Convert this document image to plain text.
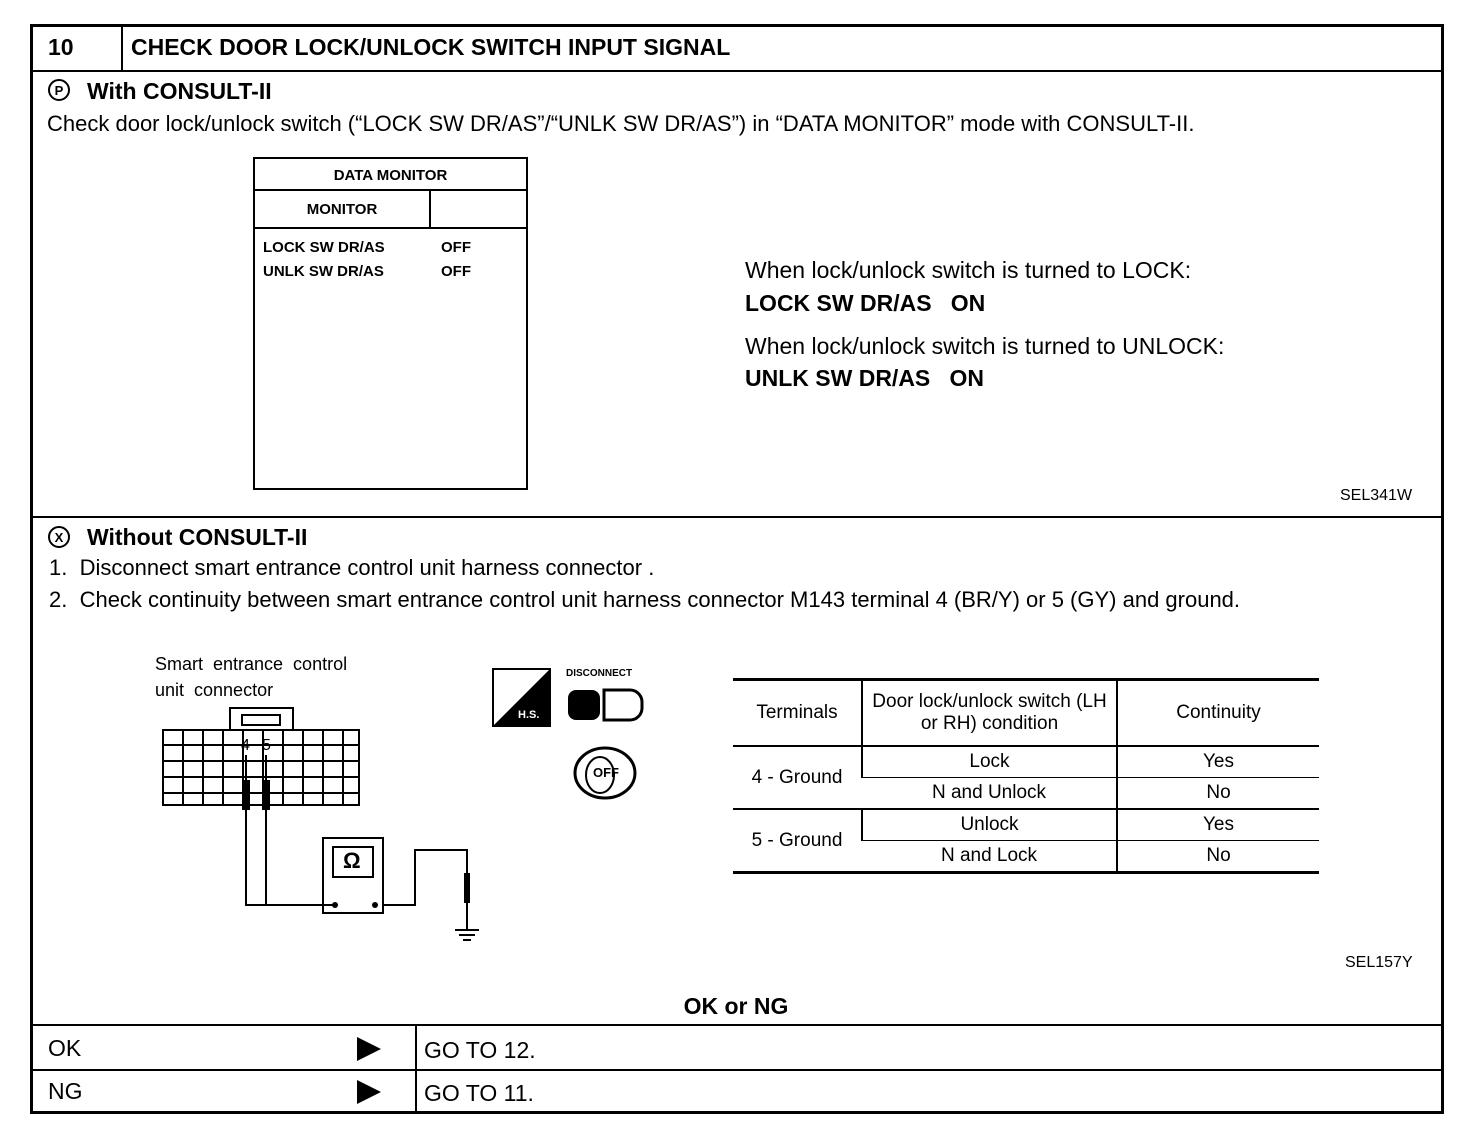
10 CHECK DOOR LOCK/UNLOCK SWITCH INPUT SIGNAL
P With CONSULT-II
Check door lock/unlock switch (“LOCK SW DR/AS”/“UNLK SW DR/AS”) in “DATA MONITOR” mode with CONSULT-II.
DATA MONITOR
MONITOR
LOCK SW DR/AS	OFF
UNLK SW DR/AS	OFF	When lock/unlock switch is turned to LOCK:
LOCK SW DR/AS   ON
When lock/unlock switch is turned to UNLOCK:
UNLK SW DR/AS   ON
SEL341W
X Without CONSULT-II
1.  Disconnect smart entrance control unit harness connector .
2.  Check continuity between smart entrance control unit harness connector M143 terminal 4 (BR/Y) or 5 (GY) and ground.
Smart  entrance  control
unit  connector
4 5
Ω
H.S.
DISCONNECT
OFF
Terminals	Door lock/unlock switch (LH or RH) condition	Continuity
4 - Ground	Lock	Yes
	N and Unlock	No
5 - Ground	Unlock	Yes
	N and Lock	No
SEL157Y
OK or NG
OK	GO TO 12.
NG	GO TO 11.
